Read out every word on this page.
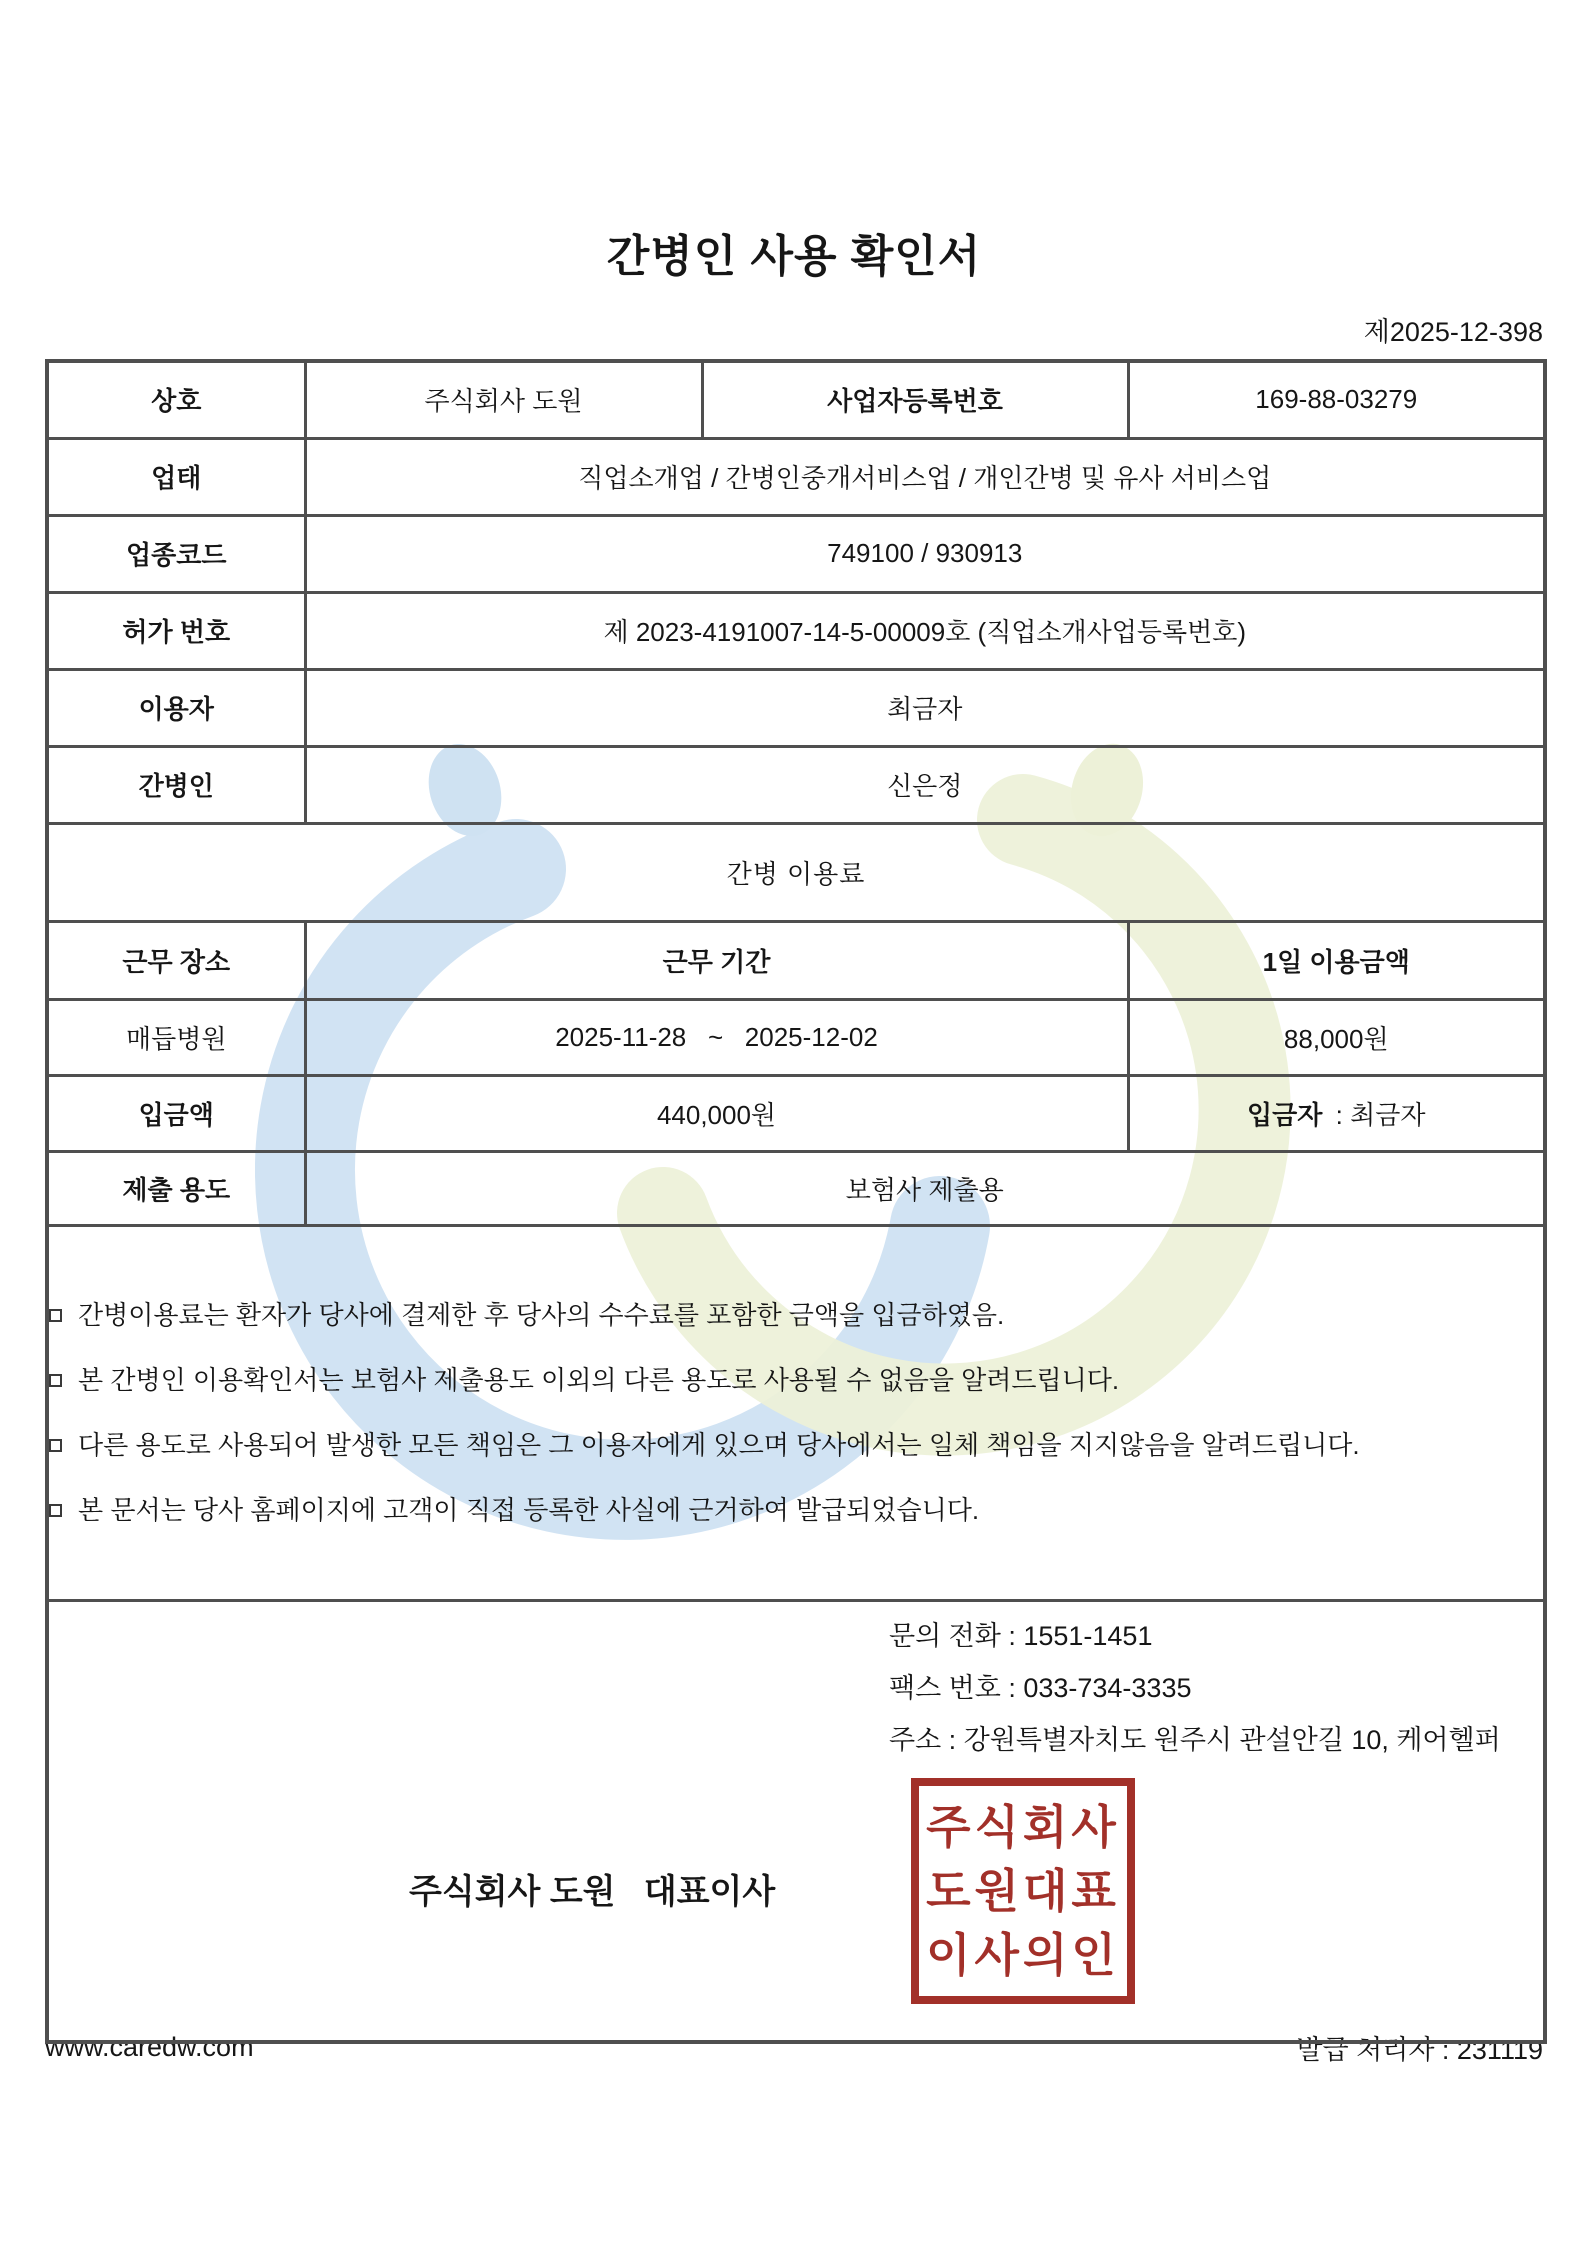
간병인 사용 확인서
제2025-12-398
상호	주식회사 도원	사업자등록번호	169-88-03279
업태	직업소개업 / 간병인중개서비스업 / 개인간병 및 유사 서비스업		
업종코드	749100 / 930913		
허가 번호	제 2023-4191007-14-5-00009호 (직업소개사업등록번호)		
이용자	최금자		
간병인	신은정		
간병 이용료			
근무 장소	근무 기간		1일 이용금액
매듭병원	2025-11-28   ~   2025-12-02		88,000원
입금액	440,000원		입금자 : 최금자
제출 용도	보험사 제출용		

간병이용료는 환자가 당사에 결제한 후 당사의 수수료를 포함한 금액을 입금하였음.
본 간병인 이용확인서는 보험사 제출용도 이외의 다른 용도로 사용될 수 없음을 알려드립니다.
다른 용도로 사용되어 발생한 모든 책임은 그 이용자에게 있으며 당사에서는 일체 책임을 지지않음을 알려드립니다.
본 문서는 당사 홈페이지에 고객이 직접 등록한 사실에 근거하여 발급되었습니다.			

문의 전화 : 1551-1451
팩스 번호 : 033-734-3335
주소 : 강원특별자치도 원주시 관설안길 10, 케어헬퍼
주식회사 도원   대표이사
주식회사
도원대표
이사의인
www.caredw.com	발급 처리자 : 231119
